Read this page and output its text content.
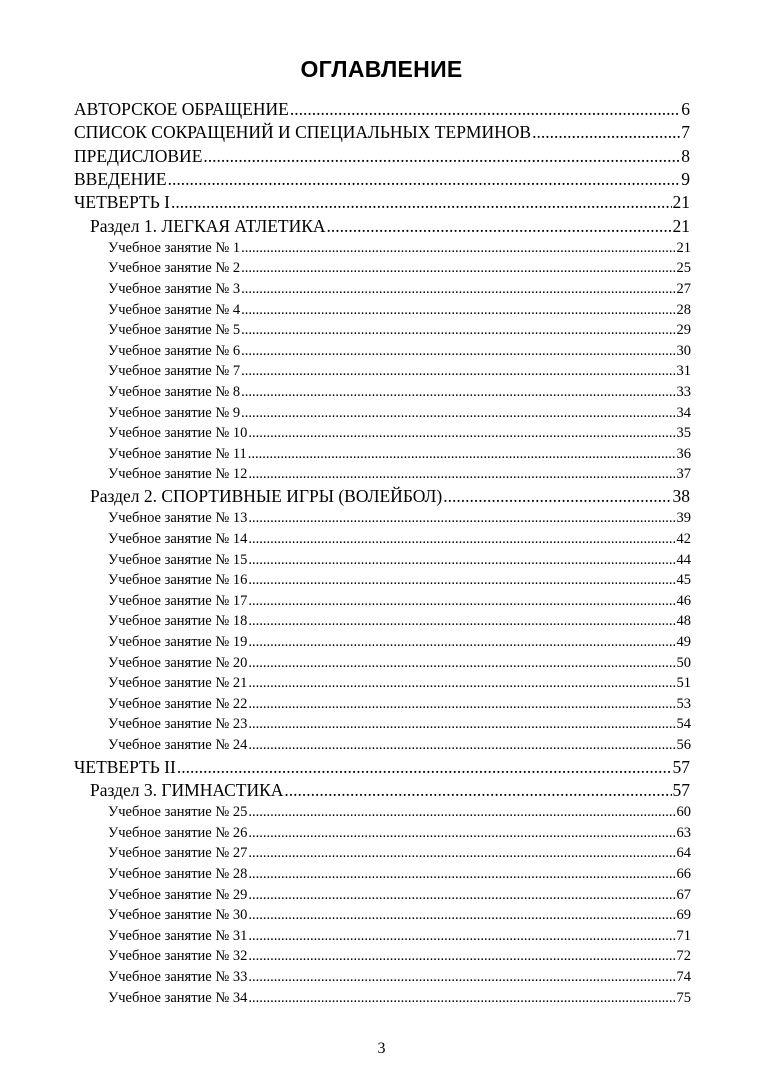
ОГЛАВЛЕНИЕ
АВТОРСКОЕ ОБРАЩЕНИЕ .....	6
СПИСОК СОКРАЩЕНИЙ И СПЕЦИАЛЬНЫХ ТЕРМИНОВ .....	7
ПРЕДИСЛОВИЕ .....	8
ВВЕДЕНИЕ .....	9
ЧЕТВЕРТЬ I .....	21
Раздел 1. ЛЕГКАЯ АТЛЕТИКА .....	21
Учебное занятие № 1 .....	21
Учебное занятие № 2 .....	25
Учебное занятие № 3 .....	27
Учебное занятие № 4 .....	28
Учебное занятие № 5 .....	29
Учебное занятие № 6 .....	30
Учебное занятие № 7 .....	31
Учебное занятие № 8 .....	33
Учебное занятие № 9 .....	34
Учебное занятие № 10 .....	35
Учебное занятие № 11 .....	36
Учебное занятие № 12 .....	37
Раздел 2. СПОРТИВНЫЕ ИГРЫ (ВОЛЕЙБОЛ) .....	38
Учебное занятие № 13 .....	39
Учебное занятие № 14 .....	42
Учебное занятие № 15 .....	44
Учебное занятие № 16 .....	45
Учебное занятие № 17 .....	46
Учебное занятие № 18 .....	48
Учебное занятие № 19 .....	49
Учебное занятие № 20 .....	50
Учебное занятие № 21 .....	51
Учебное занятие № 22 .....	53
Учебное занятие № 23 .....	54
Учебное занятие № 24 .....	56
ЧЕТВЕРТЬ II .....	57
Раздел 3. ГИМНАСТИКА .....	57
Учебное занятие № 25 .....	60
Учебное занятие № 26 .....	63
Учебное занятие № 27 .....	64
Учебное занятие № 28 .....	66
Учебное занятие № 29 .....	67
Учебное занятие № 30 .....	69
Учебное занятие № 31 .....	71
Учебное занятие № 32 .....	72
Учебное занятие № 33 .....	74
Учебное занятие № 34 .....	75
3
